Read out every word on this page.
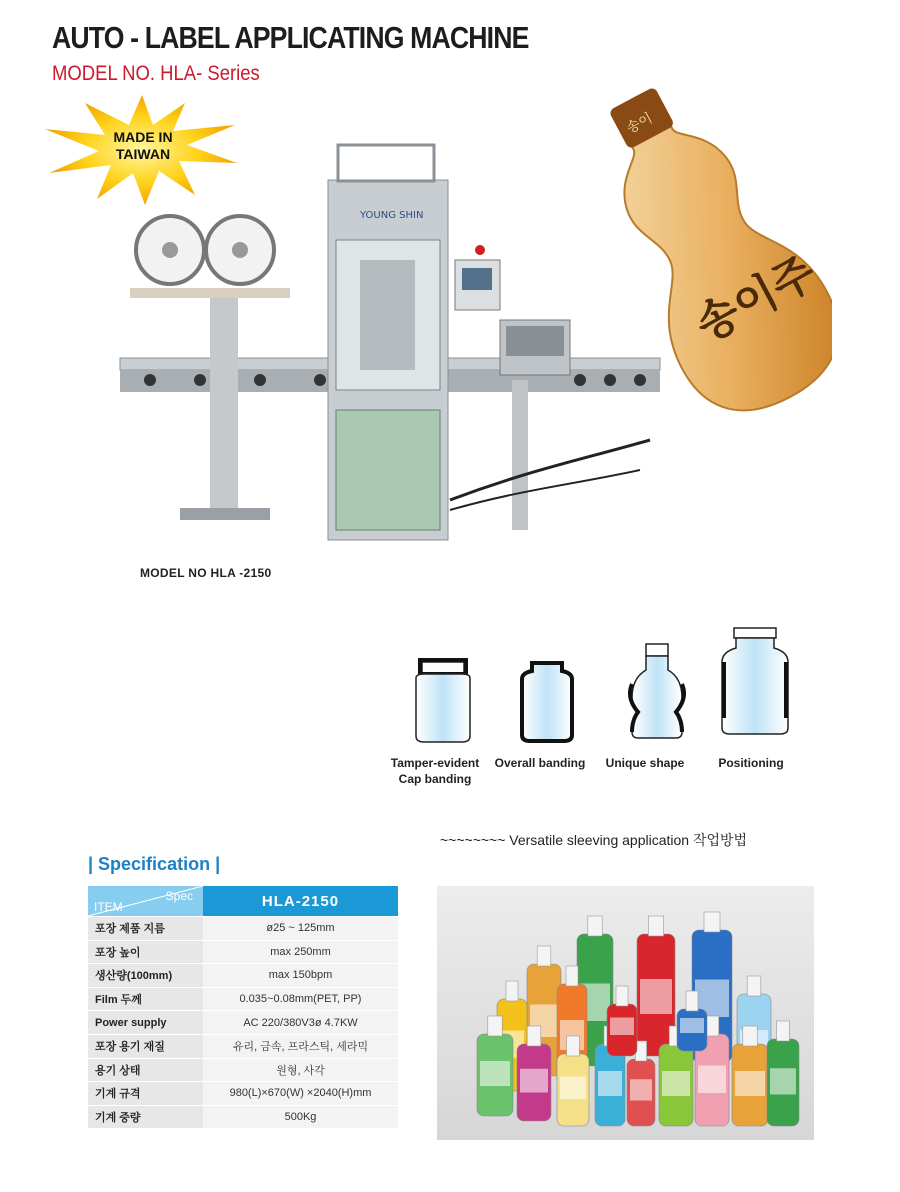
AUTO - LABEL APPLICATING MACHINE
MODEL NO. HLA- Series
YOUNG SHIN
MODEL NO HLA -2150
MADE IN
TAIWAN
송이
송이주
Tamper-evident
Cap banding
Overall banding	Unique shape	Positioning
~~~~~~~~ Versatile sleeving application 작업방법
| Specification |
Spec
ITEM	HLA-2150
포장 제품 지름	ø25 ~ 125mm
포장 높이	max 250mm
생산량(100mm)	max 150bpm
Film 두께	0.035~0.08mm(PET, PP)
Power supply	AC 220/380V3ø 4.7KW
포장 용기 재질	유리, 금속, 프라스틱, 세라믹
용기 상태	원형, 사각
기계 규격	980(L)×670(W) ×2040(H)mm
기계 중량	500Kg
